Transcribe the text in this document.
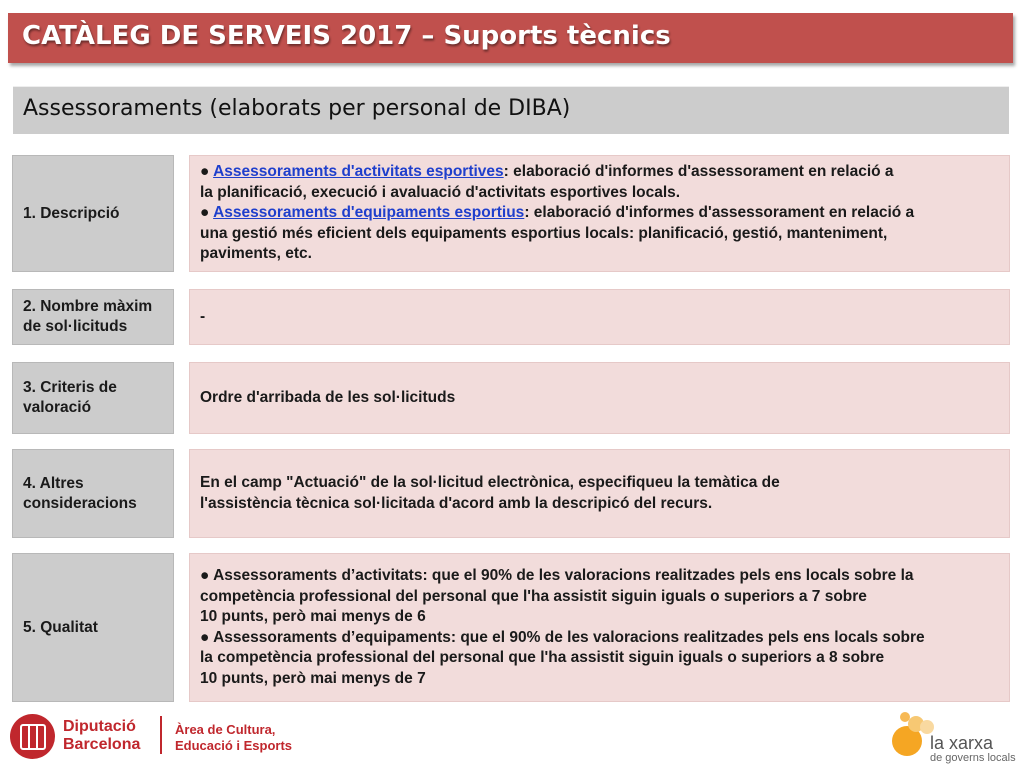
CATÀLEG DE SERVEIS 2017 – Suports tècnics
Assessoraments (elaborats per personal de DIBA)
1. Descripció
● Assessoraments d'activitats esportives: elaboració d'informes d'assessorament en relació a
la planificació, execució i avaluació d'activitats esportives locals.
● Assessoraments d'equipaments esportius: elaboració d'informes d'assessorament en relació a
una gestió més eficient dels equipaments esportius locals: planificació, gestió, manteniment,
paviments, etc.
2. Nombre màxim
de sol·licituds
-
3. Criteris de
valoració
Ordre d'arribada de les sol·licituds
4. Altres
consideracions
En el camp "Actuació" de la sol·licitud electrònica, especifiqueu la temàtica de
l'assistència tècnica sol·licitada d'acord amb la descripicó del recurs.
5. Qualitat
● Assessoraments d’activitats: que el 90% de les valoracions realitzades pels ens locals sobre la
competència professional del personal que l'ha assistit siguin iguals o superiors a 7 sobre
10 punts, però mai menys de 6
● Assessoraments d’equipaments: que el 90% de les valoracions realitzades pels ens locals sobre
la competència professional del personal que l'ha assistit siguin iguals o superiors a 8 sobre
10 punts, però mai menys de 7
Diputació
Barcelona
Àrea de Cultura,
Educació i Esports	la xarxa
de governs locals
